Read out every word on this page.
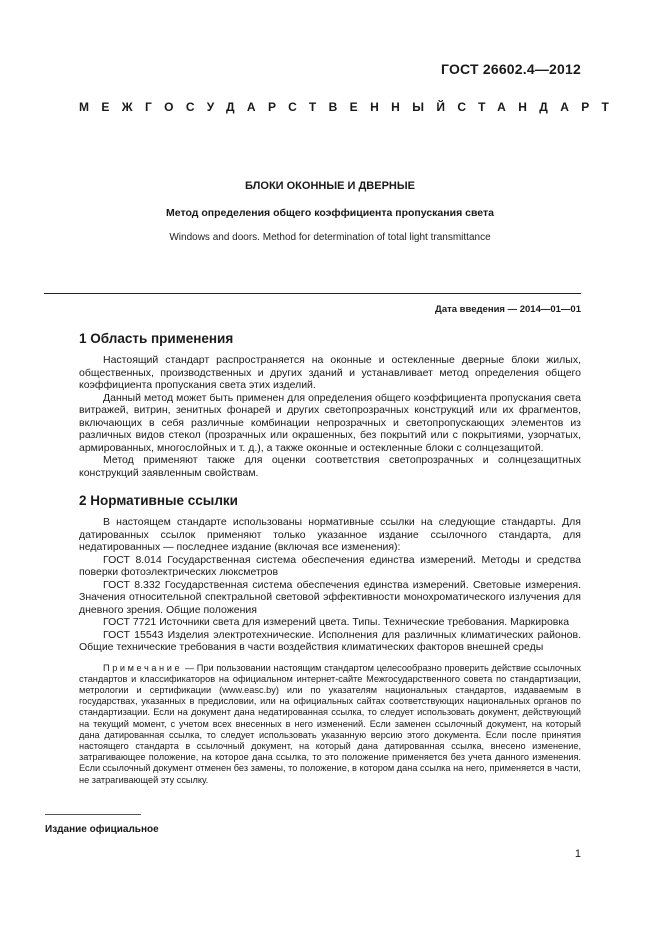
ГОСТ 26602.4—2012
МЕЖГОСУДАРСТВЕННЫЙ СТАНДАРТ
БЛОКИ ОКОННЫЕ И ДВЕРНЫЕ
Метод определения общего коэффициента пропускания света
Windows and doors. Method for determination of total light transmittance
Дата введения — 2014—01—01
1 Область применения

Настоящий стандарт распространяется на оконные и остекленные дверные блоки жилых, общественных, производственных и других зданий и устанавливает метод определения общего коэффициента пропускания света этих изделий.

Данный метод может быть применен для определения общего коэффициента пропускания света витражей, витрин, зенитных фонарей и других светопрозрачных конструкций или их фрагментов, включающих в себя различные комбинации непрозрачных и светопропускающих элементов из различных видов стекол (прозрачных или окрашенных, без покрытий или с покрытиями, узорчатых, армированных, многослойных и т. д.), а также оконные и остекленные блоки с солнцезащитой.

Метод применяют также для оценки соответствия светопрозрачных и солнцезащитных конструкций заявленным свойствам.

2 Нормативные ссылки

В настоящем стандарте использованы нормативные ссылки на следующие стандарты. Для датированных ссылок применяют только указанное издание ссылочного стандарта, для недатированных — последнее издание (включая все изменения):

ГОСТ 8.014 Государственная система обеспечения единства измерений. Методы и средства поверки фотоэлектрических люксметров

ГОСТ 8.332 Государственная система обеспечения единства измерений. Световые измерения. Значения относительной спектральной световой эффективности монохроматического излучения для дневного зрения. Общие положения

ГОСТ 7721 Источники света для измерений цвета. Типы. Технические требования. Маркировка

ГОСТ 15543 Изделия электротехнические. Исполнения для различных климатических районов. Общие технические требования в части воздействия климатических факторов внешней среды

Примечание — При пользовании настоящим стандартом целесообразно проверить действие ссылочных стандартов и классификаторов на официальном интернет-сайте Межгосударственного совета по стандартизации, метрологии и сертификации (www.easc.by) или по указателям национальных стандартов, издаваемым в государствах, указанных в предисловии, или на официальных сайтах соответствующих национальных органов по стандартизации. Если на документ дана недатированная ссылка, то следует использовать документ, действующий на текущий момент, с учетом всех внесенных в него изменений. Если заменен ссылочный документ, на который дана датированная ссылка, то следует использовать указанную версию этого документа. Если после принятия настоящего стандарта в ссылочный документ, на который дана датированная ссылка, внесено изменение, затрагивающее положение, на которое дана ссылка, то это положение применяется без учета данного изменения. Если ссылочный документ отменен без замены, то положение, в котором дана ссылка на него, применяется в части, не затрагивающей эту ссылку.

Издание официальное
1
